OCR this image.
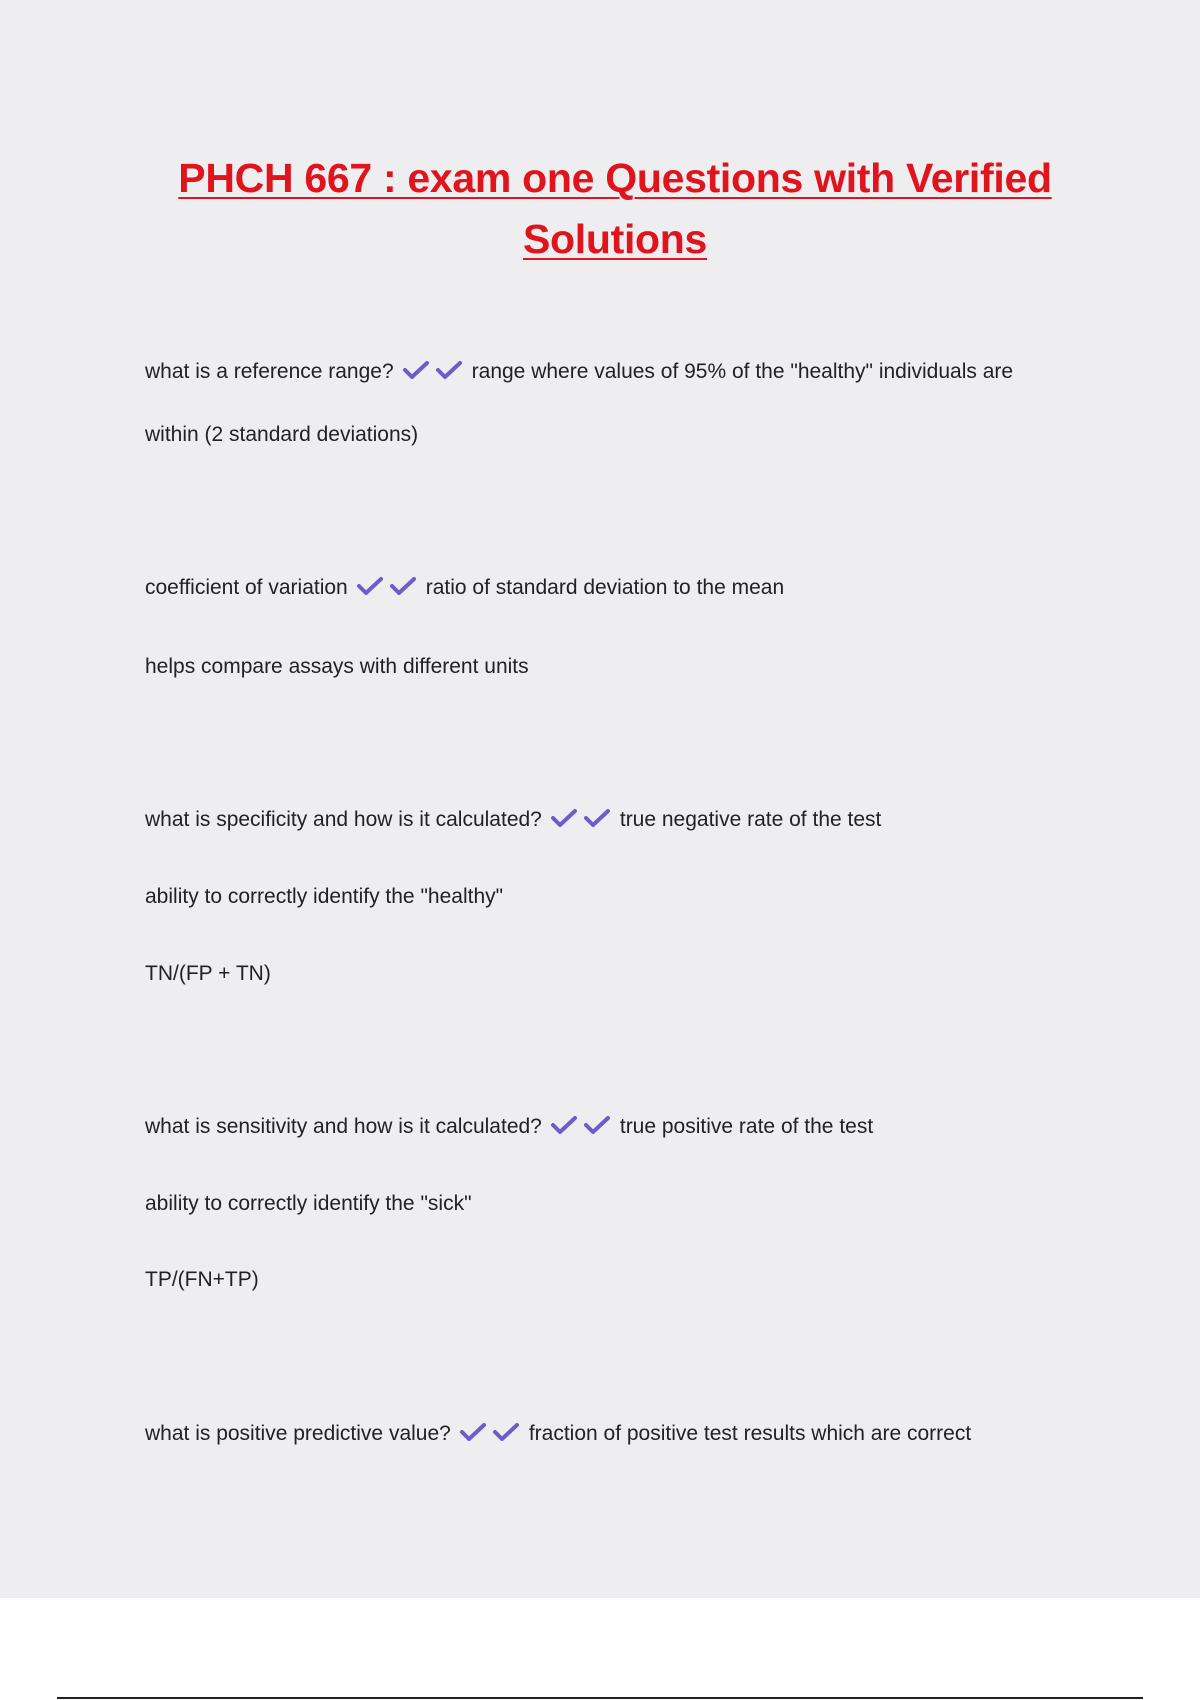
PHCH 667 : exam one Questions with Verified Solutions
what is a reference range?	range where values of 95% of the "healthy" individuals are
within (2 standard deviations)
coefficient of variation	ratio of standard deviation to the mean
helps compare assays with different units
what is specificity and how is it calculated?	true negative rate of the test
ability to correctly identify the "healthy"
TN/(FP + TN)
what is sensitivity and how is it calculated?	true positive rate of the test
ability to correctly identify the "sick"
TP/(FN+TP)
what is positive predictive value?	fraction of positive test results which are correct
